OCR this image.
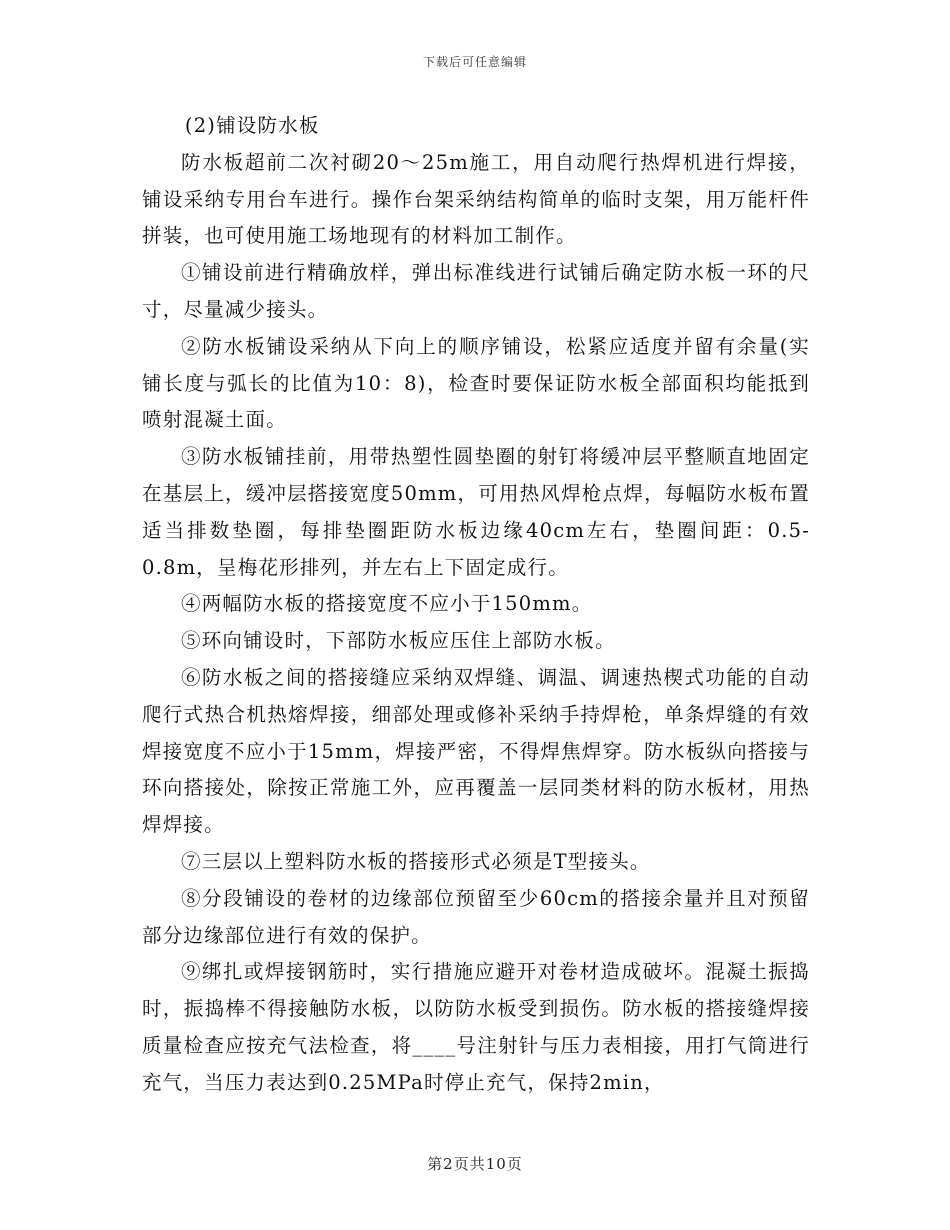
下载后可任意编辑

(2)铺设防水板

防水板超前二次衬砌20～25m施工，用自动爬行热焊机进行焊接，铺设采纳专用台车进行。操作台架采纳结构简单的临时支架，用万能杆件拼装，也可使用施工场地现有的材料加工制作。

①铺设前进行精确放样，弹出标准线进行试铺后确定防水板一环的尺寸，尽量减少接头。

②防水板铺设采纳从下向上的顺序铺设，松紧应适度并留有余量(实铺长度与弧长的比值为10：8)，检查时要保证防水板全部面积均能抵到喷射混凝土面。

③防水板铺挂前，用带热塑性圆垫圈的射钉将缓冲层平整顺直地固定在基层上，缓冲层搭接宽度50mm，可用热风焊枪点焊，每幅防水板布置适当排数垫圈，每排垫圈距防水板边缘40cm左右，垫圈间距：0.5-0.8m，呈梅花形排列，并左右上下固定成行。

④两幅防水板的搭接宽度不应小于150mm。

⑤环向铺设时，下部防水板应压住上部防水板。

⑥防水板之间的搭接缝应采纳双焊缝、调温、调速热楔式功能的自动爬行式热合机热熔焊接，细部处理或修补采纳手持焊枪，单条焊缝的有效焊接宽度不应小于15mm，焊接严密，不得焊焦焊穿。防水板纵向搭接与环向搭接处，除按正常施工外，应再覆盖一层同类材料的防水板材，用热焊焊接。

⑦三层以上塑料防水板的搭接形式必须是T型接头。

⑧分段铺设的卷材的边缘部位预留至少60cm的搭接余量并且对预留部分边缘部位进行有效的保护。

⑨绑扎或焊接钢筋时，实行措施应避开对卷材造成破坏。混凝土振捣时，振捣棒不得接触防水板，以防防水板受到损伤。防水板的搭接缝焊接质量检查应按充气法检查，将____号注射针与压力表相接，用打气筒进行充气，当压力表达到0.25MPa时停止充气，保持2min，

第2页共10页
